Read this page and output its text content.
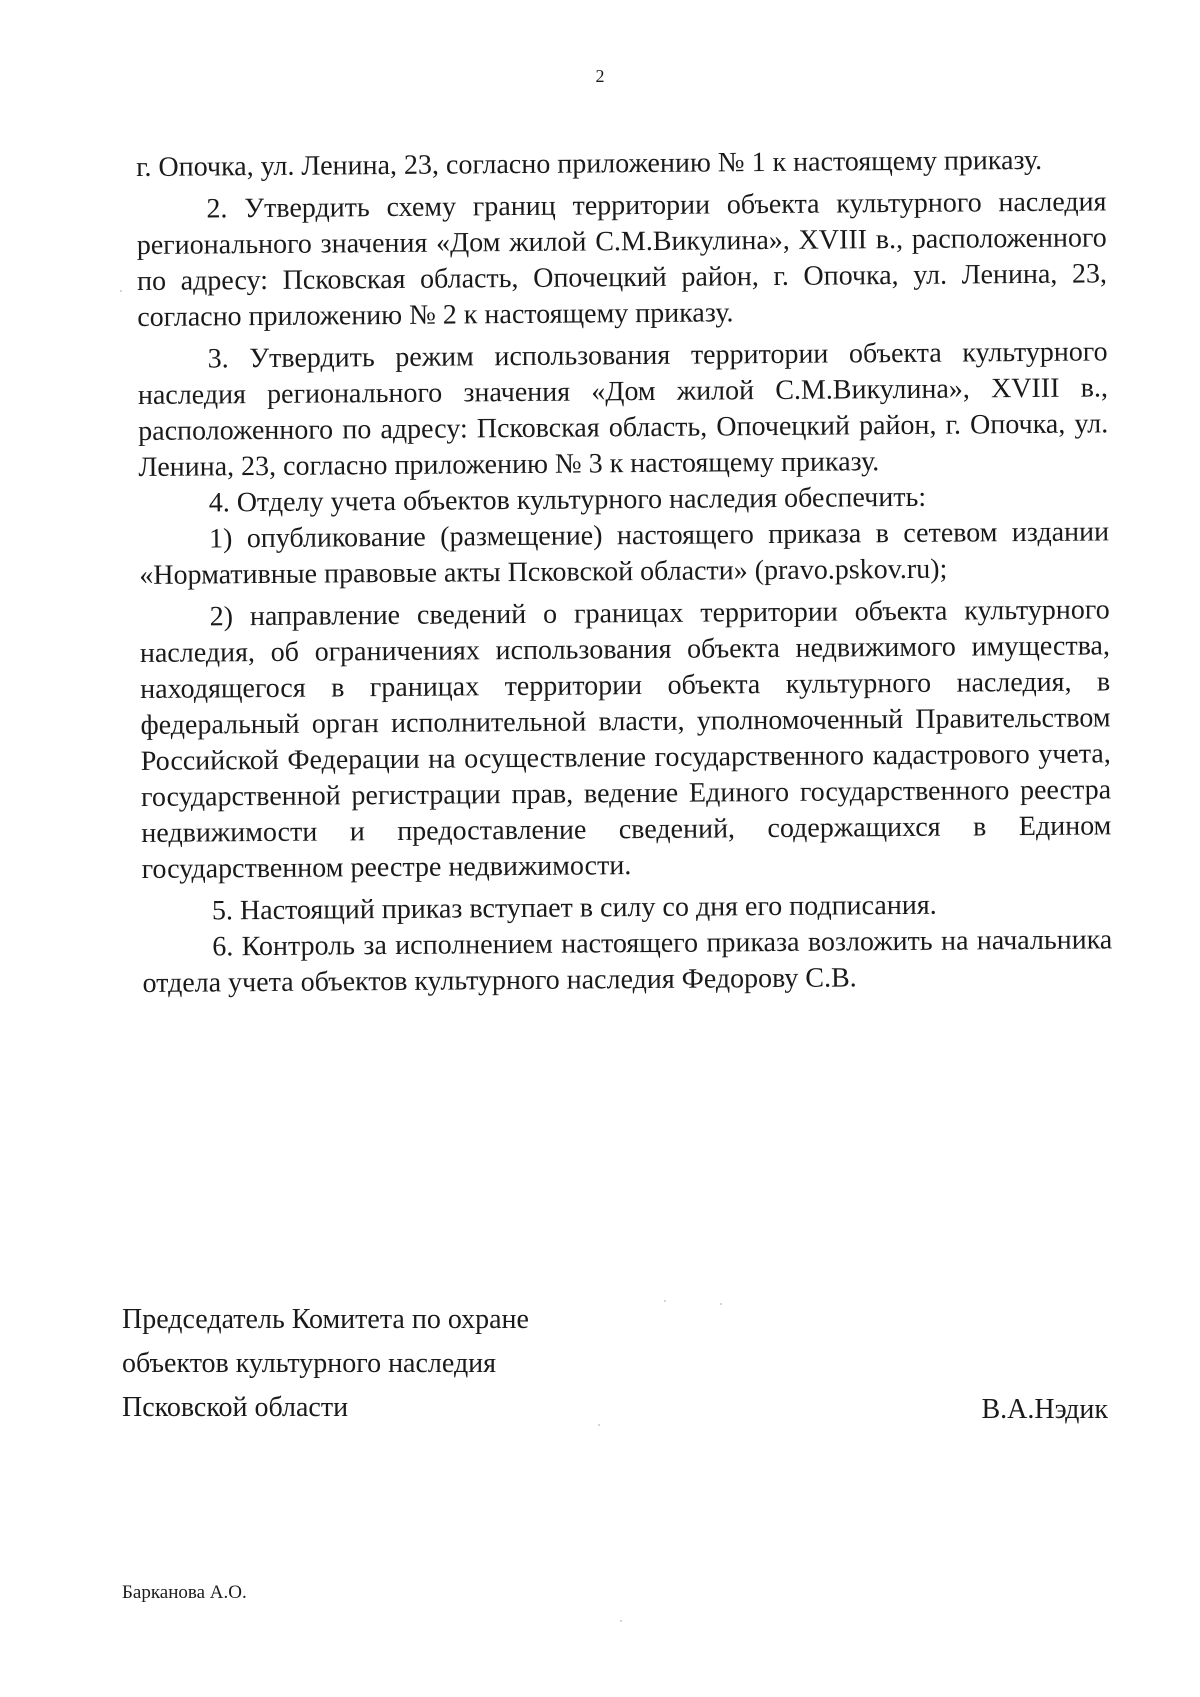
2

г. Опочка, ул. Ленина, 23, согласно приложению № 1 к настоящему приказу.

2. Утвердить схему границ территории объекта культурного наследия регионального значения «Дом жилой С.М.Викулина», XVIII в., расположенного по адресу: Псковская область, Опочецкий район, г. Опочка, ул. Ленина, 23, согласно приложению № 2 к настоящему приказу.

3. Утвердить режим использования территории объекта культурного наследия регионального значения «Дом жилой С.М.Викулина», XVIII в., расположенного по адресу: Псковская область, Опочецкий район, г. Опочка, ул. Ленина, 23, согласно приложению № 3 к настоящему приказу.

4. Отделу учета объектов культурного наследия обеспечить:

1) опубликование (размещение) настоящего приказа в сетевом издании «Нормативные правовые акты Псковской области» (pravo.pskov.ru);

2) направление сведений о границах территории объекта культурного наследия, об ограничениях использования объекта недвижимого имущества, находящегося в границах территории объекта культурного наследия, в федеральный орган исполнительной власти, уполномоченный Правительством Российской Федерации на осуществление государственного кадастрового учета, государственной регистрации прав, ведение Единого государственного реестра недвижимости и предоставление сведений, содержащихся в Едином государственном реестре недвижимости.

5. Настоящий приказ вступает в силу со дня его подписания.

6. Контроль за исполнением настоящего приказа возложить на начальника отдела учета объектов культурного наследия Федорову С.В.

Председатель Комитета по охране
объектов культурного наследия
Псковской области	В.А.Нэдик
Барканова А.О.
